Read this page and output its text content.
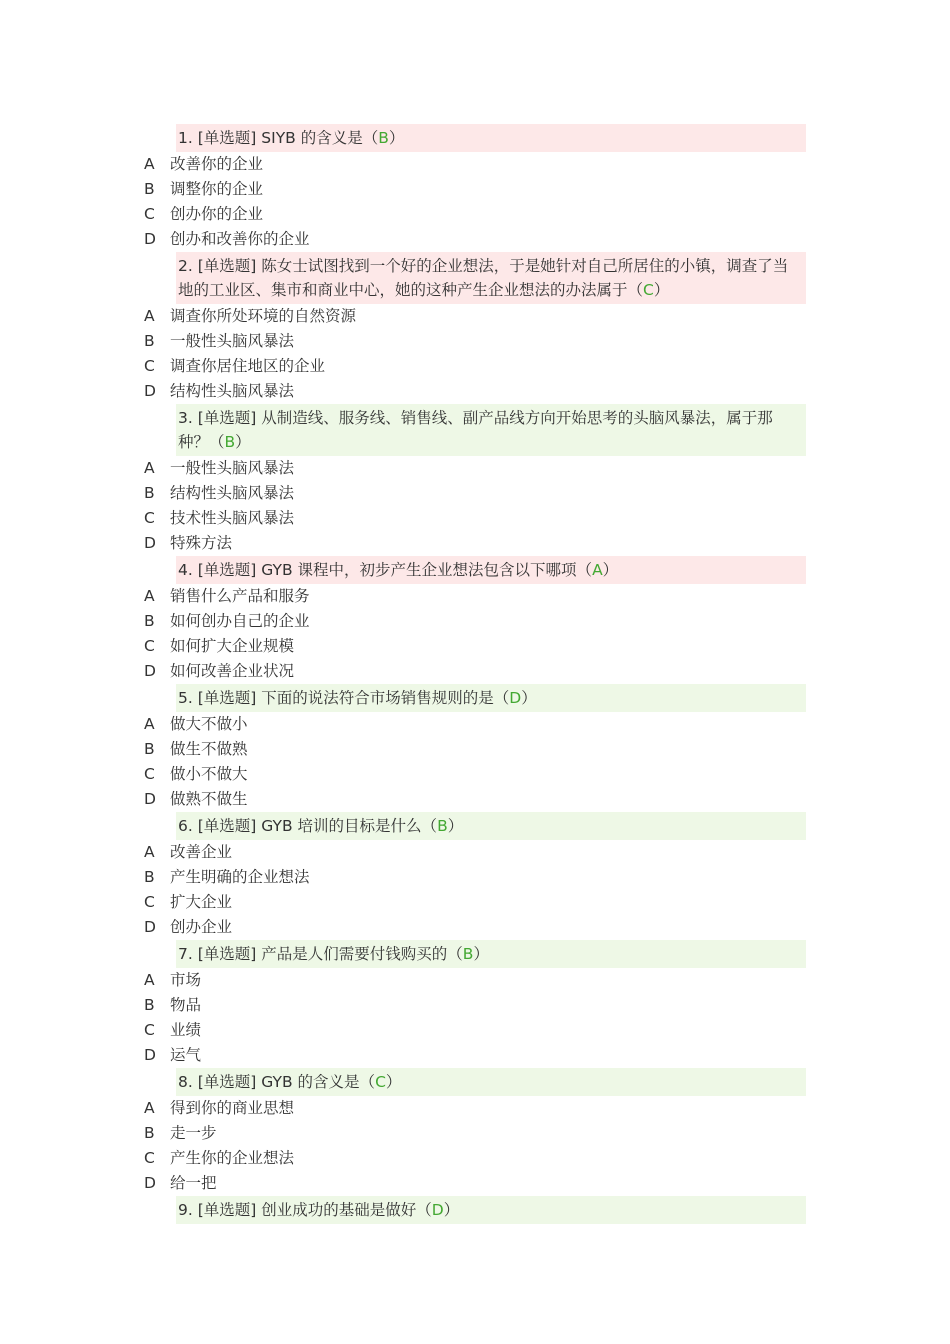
1. [单选题] SIYB 的含义是（B）
A 改善你的企业
B 调整你的企业
C 创办你的企业
D 创办和改善你的企业
2. [单选题] 陈女士试图找到一个好的企业想法，于是她针对自己所居住的小镇，调查了当地的工业区、集市和商业中心，她的这种产生企业想法的办法属于（C）
A 调查你所处环境的自然资源
B 一般性头脑风暴法
C 调查你居住地区的企业
D 结构性头脑风暴法
3. [单选题] 从制造线、服务线、销售线、副产品线方向开始思考的头脑风暴法，属于那种？（B）
A 一般性头脑风暴法
B 结构性头脑风暴法
C 技术性头脑风暴法
D 特殊方法
4. [单选题] GYB 课程中，初步产生企业想法包含以下哪项（A）
A 销售什么产品和服务
B 如何创办自己的企业
C 如何扩大企业规模
D 如何改善企业状况
5. [单选题] 下面的说法符合市场销售规则的是（D）
A 做大不做小
B 做生不做熟
C 做小不做大
D 做熟不做生
6. [单选题] GYB 培训的目标是什么（B）
A 改善企业
B 产生明确的企业想法
C 扩大企业
D 创办企业
7. [单选题] 产品是人们需要付钱购买的（B）
A 市场
B 物品
C 业绩
D 运气
8. [单选题] GYB 的含义是（C）
A 得到你的商业思想
B 走一步
C 产生你的企业想法
D 给一把
9. [单选题] 创业成功的基础是做好（D）
